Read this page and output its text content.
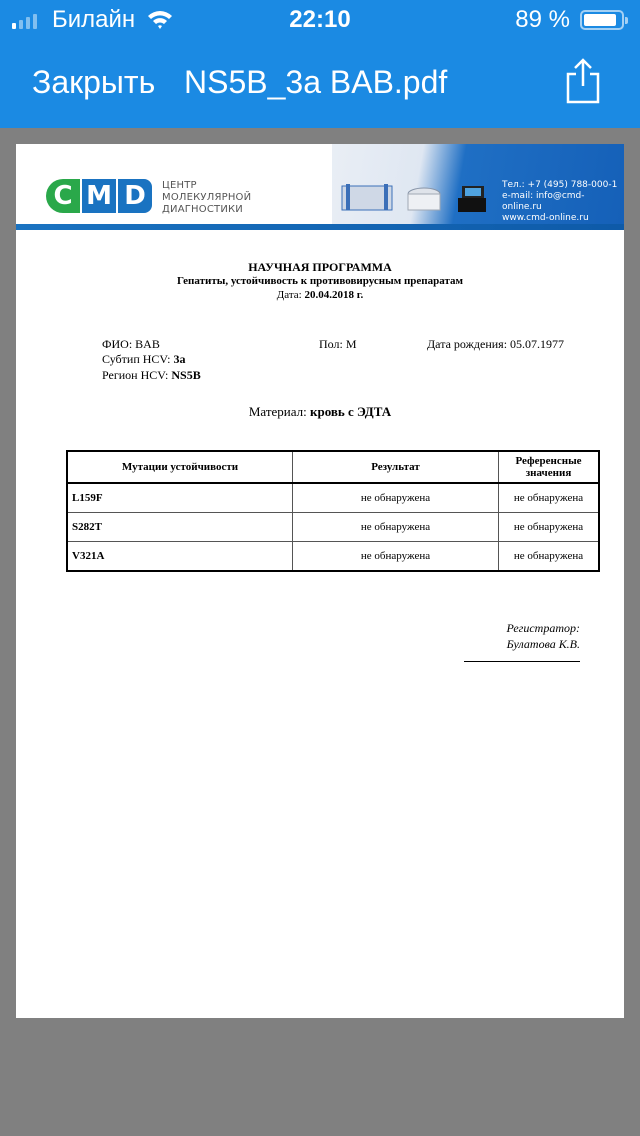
Билайн	22:10	89 %
Закрыть NS5B_3a BAB.pdf
C M D	ЦЕНТР
МОЛЕКУЛЯРНОЙ
ДИАГНОСТИКИ
Тел.: +7 (495) 788-000-1
e-mail: info@cmd-online.ru
www.cmd-online.ru
НАУЧНАЯ ПРОГРАММА
Гепатиты, устойчивость к противовирусным препаратам
Дата: 20.04.2018 г.
ФИО: BAB	Пол: М	Дата рождения: 05.07.1977
Субтип HCV: 3a
Регион HCV: NS5B
Материал: кровь с ЭДТА
Мутации устойчивости	Результат	Референсные значения
L159F	не обнаружена	не обнаружена
S282T	не обнаружена	не обнаружена
V321A	не обнаружена	не обнаружена
Регистратор:
Булатова К.В.
